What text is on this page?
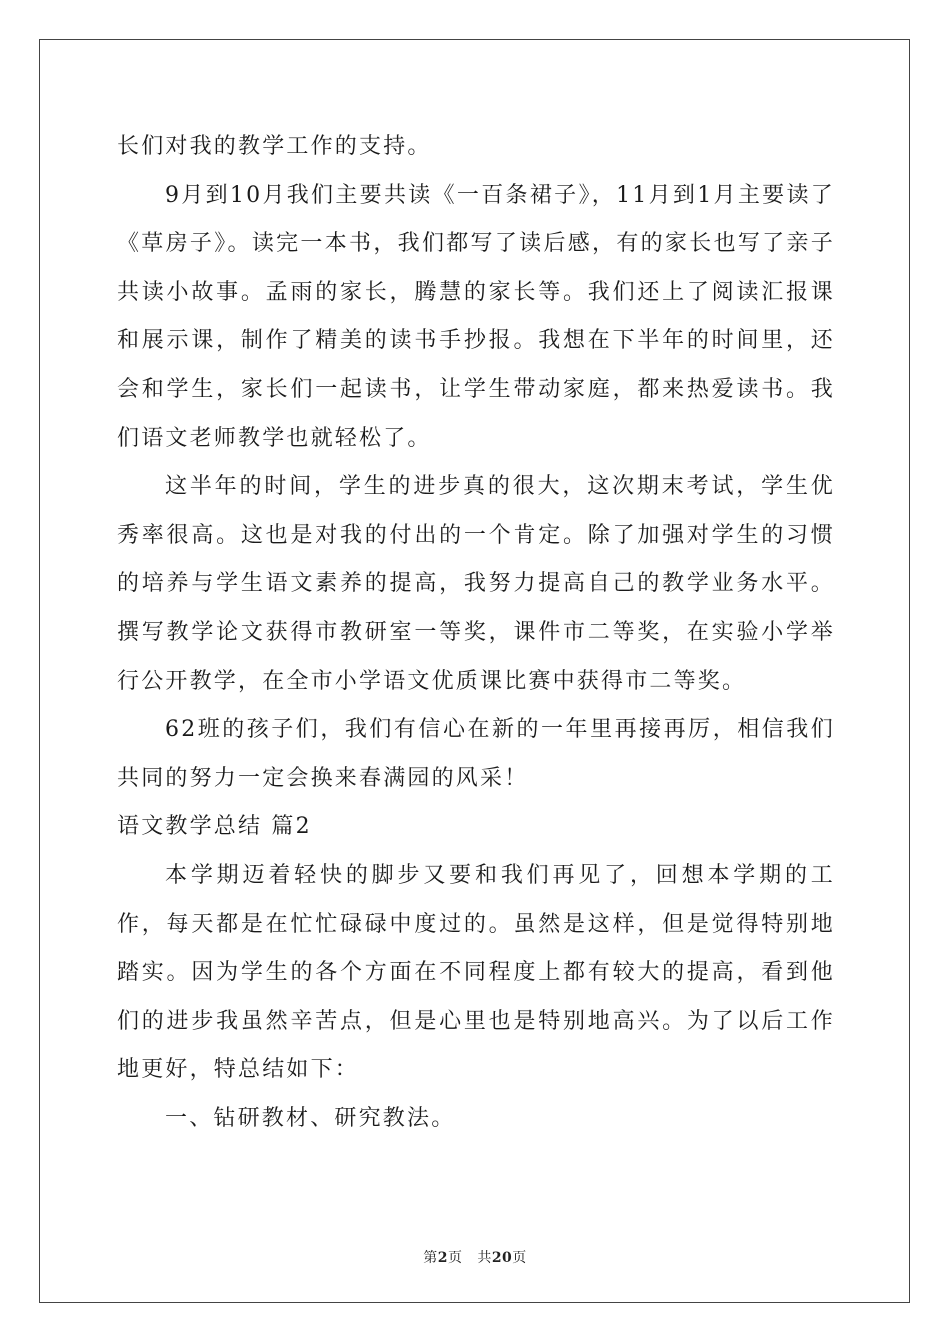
长们对我的教学工作的支持。

9月到10月我们主要共读《一百条裙子》，11月到1月主要读了《草房子》。读完一本书，我们都写了读后感，有的家长也写了亲子共读小故事。孟雨的家长，腾慧的家长等。我们还上了阅读汇报课和展示课，制作了精美的读书手抄报。我想在下半年的时间里，还会和学生，家长们一起读书，让学生带动家庭，都来热爱读书。我们语文老师教学也就轻松了。

这半年的时间，学生的进步真的很大，这次期末考试，学生优秀率很高。这也是对我的付出的一个肯定。除了加强对学生的习惯的培养与学生语文素养的提高，我努力提高自己的教学业务水平。撰写教学论文获得市教研室一等奖，课件市二等奖，在实验小学举行公开教学，在全市小学语文优质课比赛中获得市二等奖。

62班的孩子们，我们有信心在新的一年里再接再厉，相信我们共同的努力一定会换来春满园的风采！

语文教学总结 篇2

本学期迈着轻快的脚步又要和我们再见了，回想本学期的工作，每天都是在忙忙碌碌中度过的。虽然是这样，但是觉得特别地踏实。因为学生的各个方面在不同程度上都有较大的提高，看到他们的进步我虽然辛苦点，但是心里也是特别地高兴。为了以后工作地更好，特总结如下：

一、钻研教材、研究教法。

第2页 共20页
